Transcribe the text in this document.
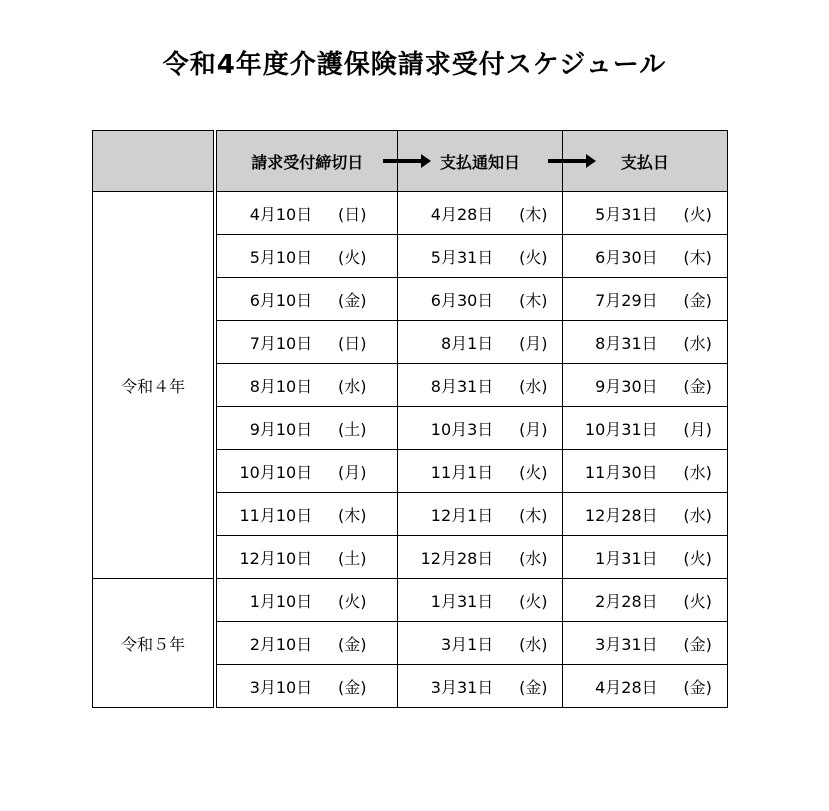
令和4年度介護保険請求受付スケジュール
	請求受付締切日	支払通知日	支払日
令和４年	4月10日 (日)	4月28日 (木)	5月31日 (火)

	5月10日 (火)	5月31日 (火)	6月30日 (木)

	6月10日 (金)	6月30日 (木)	7月29日 (金)

	7月10日 (日)	8月1日 (月)	8月31日 (水)

	8月10日 (水)	8月31日 (水)	9月30日 (金)

	9月10日 (土)	10月3日 (月)	10月31日 (月)

	10月10日 (月)	11月1日 (火)	11月30日 (水)

	11月10日 (木)	12月1日 (木)	12月28日 (水)

	12月10日 (土)	12月28日 (水)	1月31日 (火)

令和５年	1月10日 (火)	1月31日 (火)	2月28日 (火)

	2月10日 (金)	3月1日 (水)	3月31日 (金)

	3月10日 (金)	3月31日 (金)	4月28日 (金)
